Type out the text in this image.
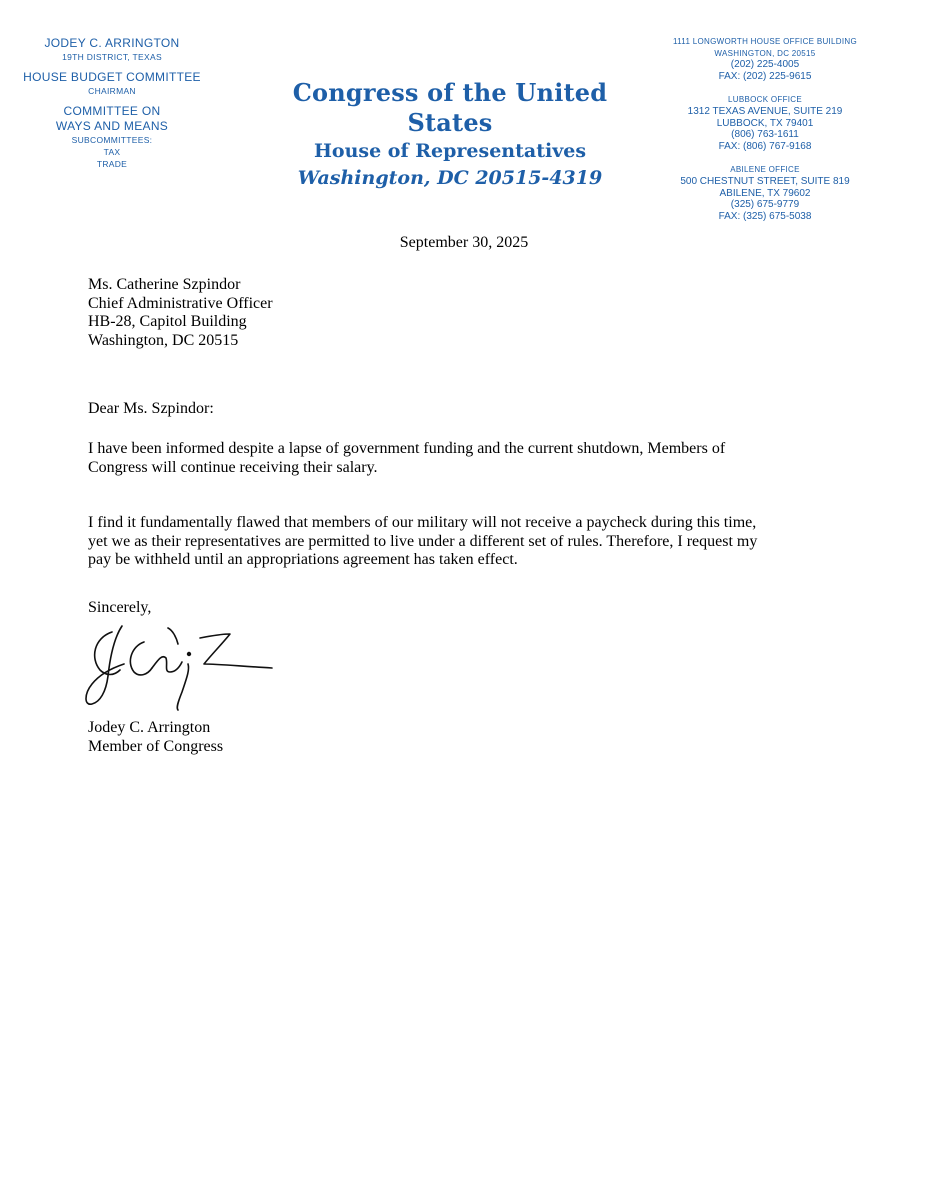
JODEY C. ARRINGTON
19TH DISTRICT, TEXAS
HOUSE BUDGET COMMITTEE
CHAIRMAN
COMMITTEE ON
WAYS AND MEANS
SUBCOMMITTEES:
TAX
TRADE
Congress of the United States
House of Representatives
Washington, DC 20515-4319
1111 LONGWORTH HOUSE OFFICE BUILDING
WASHINGTON, DC 20515
(202) 225-4005
FAX: (202) 225-9615
LUBBOCK OFFICE
1312 TEXAS AVENUE, SUITE 219
LUBBOCK, TX 79401
(806) 763-1611
FAX: (806) 767-9168
ABILENE OFFICE
500 CHESTNUT STREET, SUITE 819
ABILENE, TX 79602
(325) 675-9779
FAX: (325) 675-5038
September 30, 2025
Ms. Catherine Szpindor
Chief Administrative Officer
HB-28, Capitol Building
Washington, DC 20515
Dear Ms. Szpindor:
I have been informed despite a lapse of government funding and the current shutdown, Members of
Congress will continue receiving their salary.
I find it fundamentally flawed that members of our military will not receive a paycheck during this time,
yet we as their representatives are permitted to live under a different set of rules. Therefore, I request my
pay be withheld until an appropriations agreement has taken effect.
Sincerely,
Jodey C. Arrington
Member of Congress
